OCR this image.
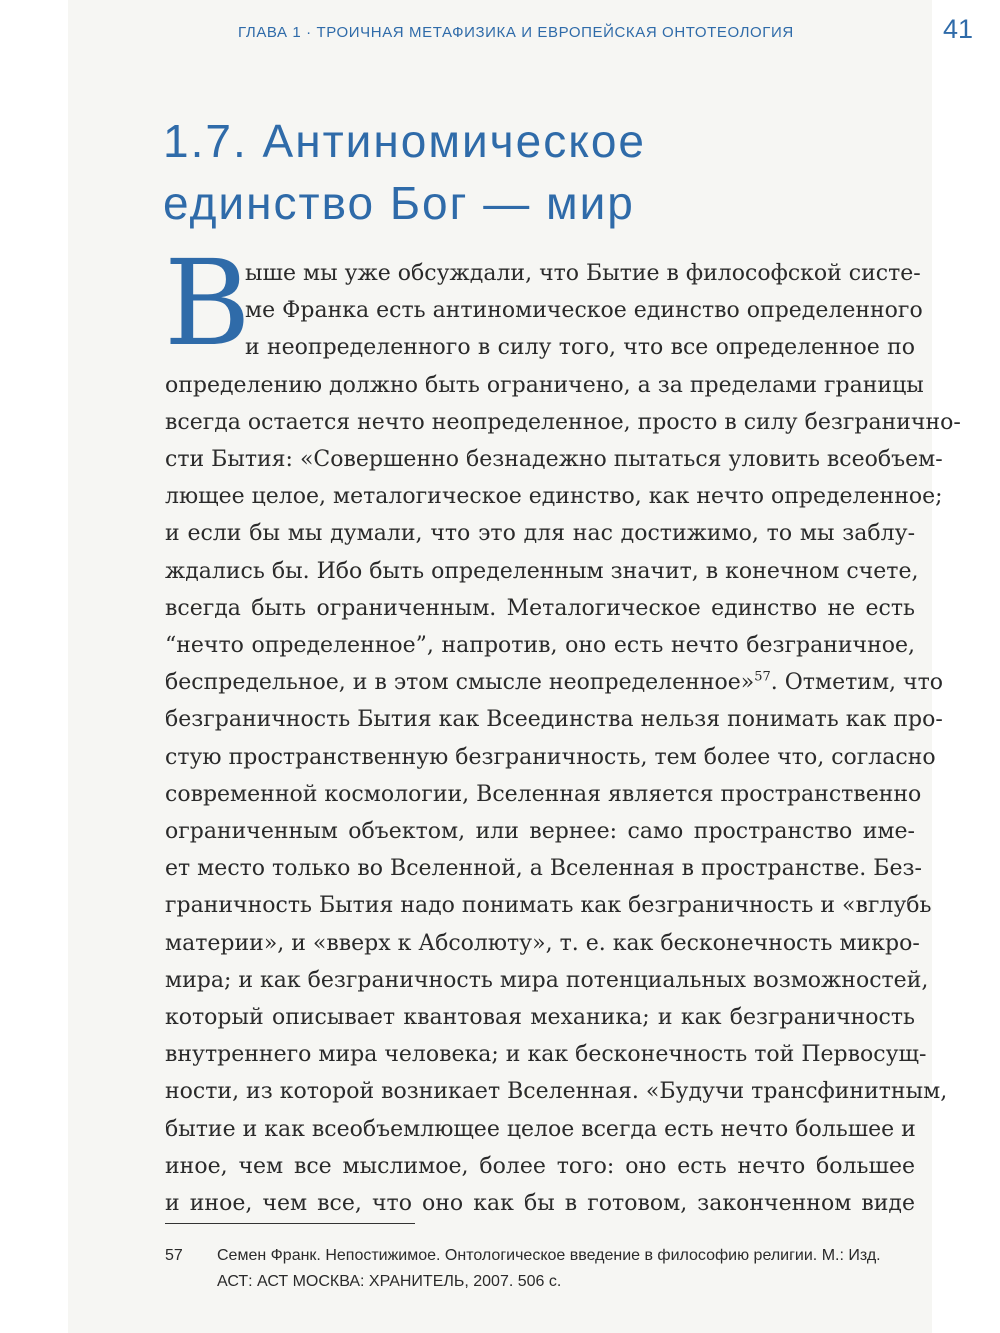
ГЛАВА 1 · ТРОИЧНАЯ МЕТАФИЗИКА И ЕВРОПЕЙСКАЯ ОНТОТЕОЛОГИЯ	41
1.7. Антиномическое
единство Бог — мир
В
ыше мы уже обсуждали, что Бытие в философской систе-
ме Франка есть антиномическое единство определенного
и неопределенного в силу того, что все определенное по
определению должно быть ограничено, а за пределами границы
всегда остается нечто неопределенное, просто в силу безгранично-
сти Бытия: «Совершенно безнадежно пытаться уловить всеобъем-
лющее целое, металогическое единство, как нечто определенное;
и если бы мы думали, что это для нас достижимо, то мы заблу-
ждались бы. Ибо быть определенным значит, в конечном счете,
всегда быть ограниченным. Металогическое единство не есть
“нечто определенное”, напротив, оно есть нечто безграничное,
беспредельное, и в этом смысле неопределенное»$^{57}$. Отметим, что
безграничность Бытия как Всеединства нельзя понимать как про-
стую пространственную безграничность, тем более что, согласно
современной космологии, Вселенная является пространственно
ограниченным объектом, или вернее: само пространство име-
ет место только во Вселенной, а Вселенная в пространстве. Без-
граничность Бытия надо понимать как безграничность и «вглубь
материи», и «вверх к Абсолюту», т. е. как бесконечность микро-
мира; и как безграничность мира потенциальных возможностей,
который описывает квантовая механика; и как безграничность
внутреннего мира человека; и как бесконечность той Первосущ-
ности, из которой возникает Вселенная. «Будучи трансфинитным,
бытие и как всеобъемлющее целое всегда есть нечто большее и
иное, чем все мыслимое, более того: оно есть нечто большее
и иное, чем все, что оно как бы в готовом, законченном виде
57	Семен Франк. Непостижимое. Онтологическое введение в философию религии. М.: Изд.
АСТ: АСТ МОСКВА: ХРАНИТЕЛЬ, 2007. 506 с.
